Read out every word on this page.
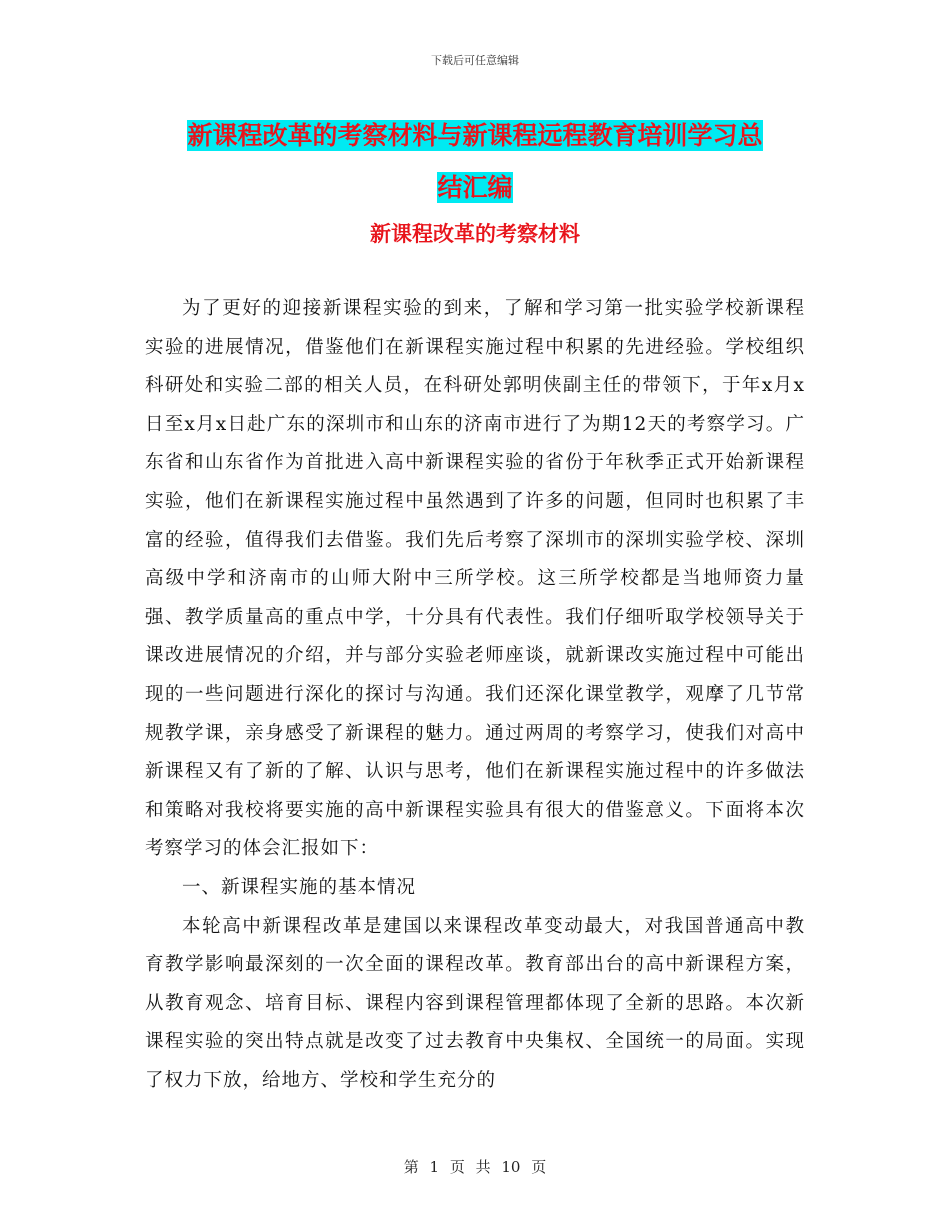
下载后可任意编辑
新课程改革的考察材料与新课程远程教育培训学习总
结汇编
新课程改革的考察材料

为了更好的迎接新课程实验的到来，了解和学习第一批实验学校新课程实验的进展情况，借鉴他们在新课程实施过程中积累的先进经验。学校组织科研处和实验二部的相关人员，在科研处郭明侠副主任的带领下，于年x月x日至x月x日赴广东的深圳市和山东的济南市进行了为期12天的考察学习。广东省和山东省作为首批进入高中新课程实验的省份于年秋季正式开始新课程实验，他们在新课程实施过程中虽然遇到了许多的问题，但同时也积累了丰富的经验，值得我们去借鉴。我们先后考察了深圳市的深圳实验学校、深圳高级中学和济南市的山师大附中三所学校。这三所学校都是当地师资力量强、教学质量高的重点中学，十分具有代表性。我们仔细听取学校领导关于课改进展情况的介绍，并与部分实验老师座谈，就新课改实施过程中可能出现的一些问题进行深化的探讨与沟通。我们还深化课堂教学，观摩了几节常规教学课，亲身感受了新课程的魅力。通过两周的考察学习，使我们对高中新课程又有了新的了解、认识与思考，他们在新课程实施过程中的许多做法和策略对我校将要实施的高中新课程实验具有很大的借鉴意义。下面将本次考察学习的体会汇报如下：

一、新课程实施的基本情况

本轮高中新课程改革是建国以来课程改革变动最大，对我国普通高中教育教学影响最深刻的一次全面的课程改革。教育部出台的高中新课程方案，从教育观念、培育目标、课程内容到课程管理都体现了全新的思路。本次新课程实验的突出特点就是改变了过去教育中央集权、全国统一的局面。实现了权力下放，给地方、学校和学生充分的

第 1 页 共 10 页
